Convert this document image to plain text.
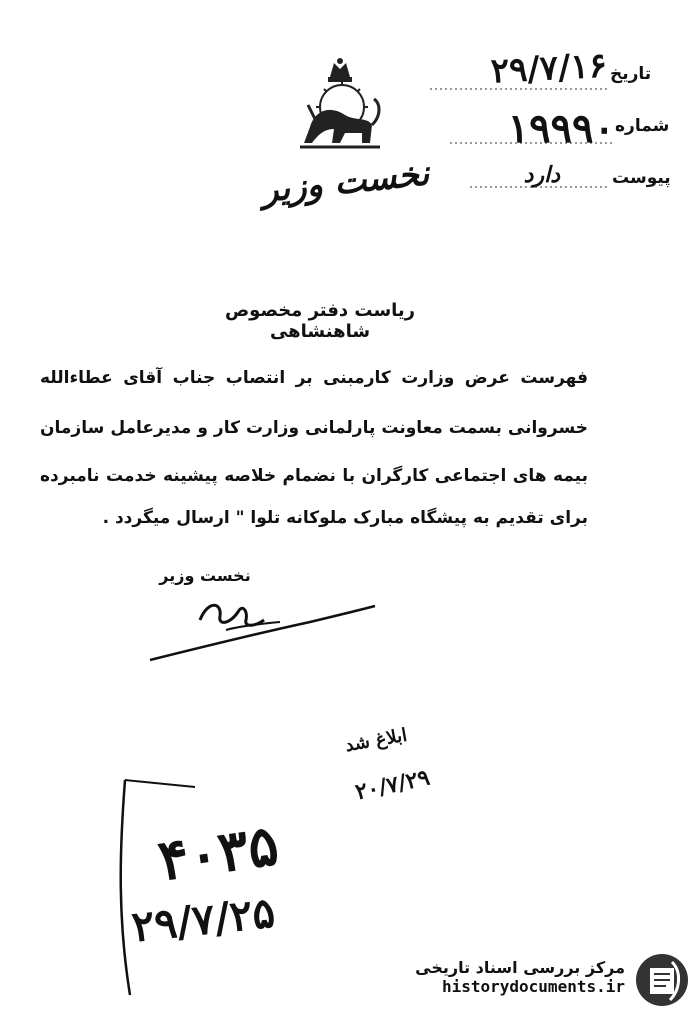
تاریخ
۲۹/۷/۱۶
شماره
۱۹۹۹۰
پیوست
دارد
نخست وزیر
ریاست دفتر مخصوص شاهنشاهی
فهرست عرض وزارت کارمبنی بر انتصاب جناب آقای عطاءالله
خسروانی بسمت معاونت پارلمانی وزارت کار و مدیرعامل سازمان
بیمه های اجتماعی کارگران با نضمام خلاصه پیشینه خدمت نامبرده
برای تقدیم به پیشگاه مبارک ملوکانه تلوا " ارسال میگردد .
نخست وزیر
ابلاغ شد
۲۰/۷/۲۹
۴۰۳۵
۲۹/۷/۲۵
مرکز بررسی اسناد تاریخی
historydocuments.ir
